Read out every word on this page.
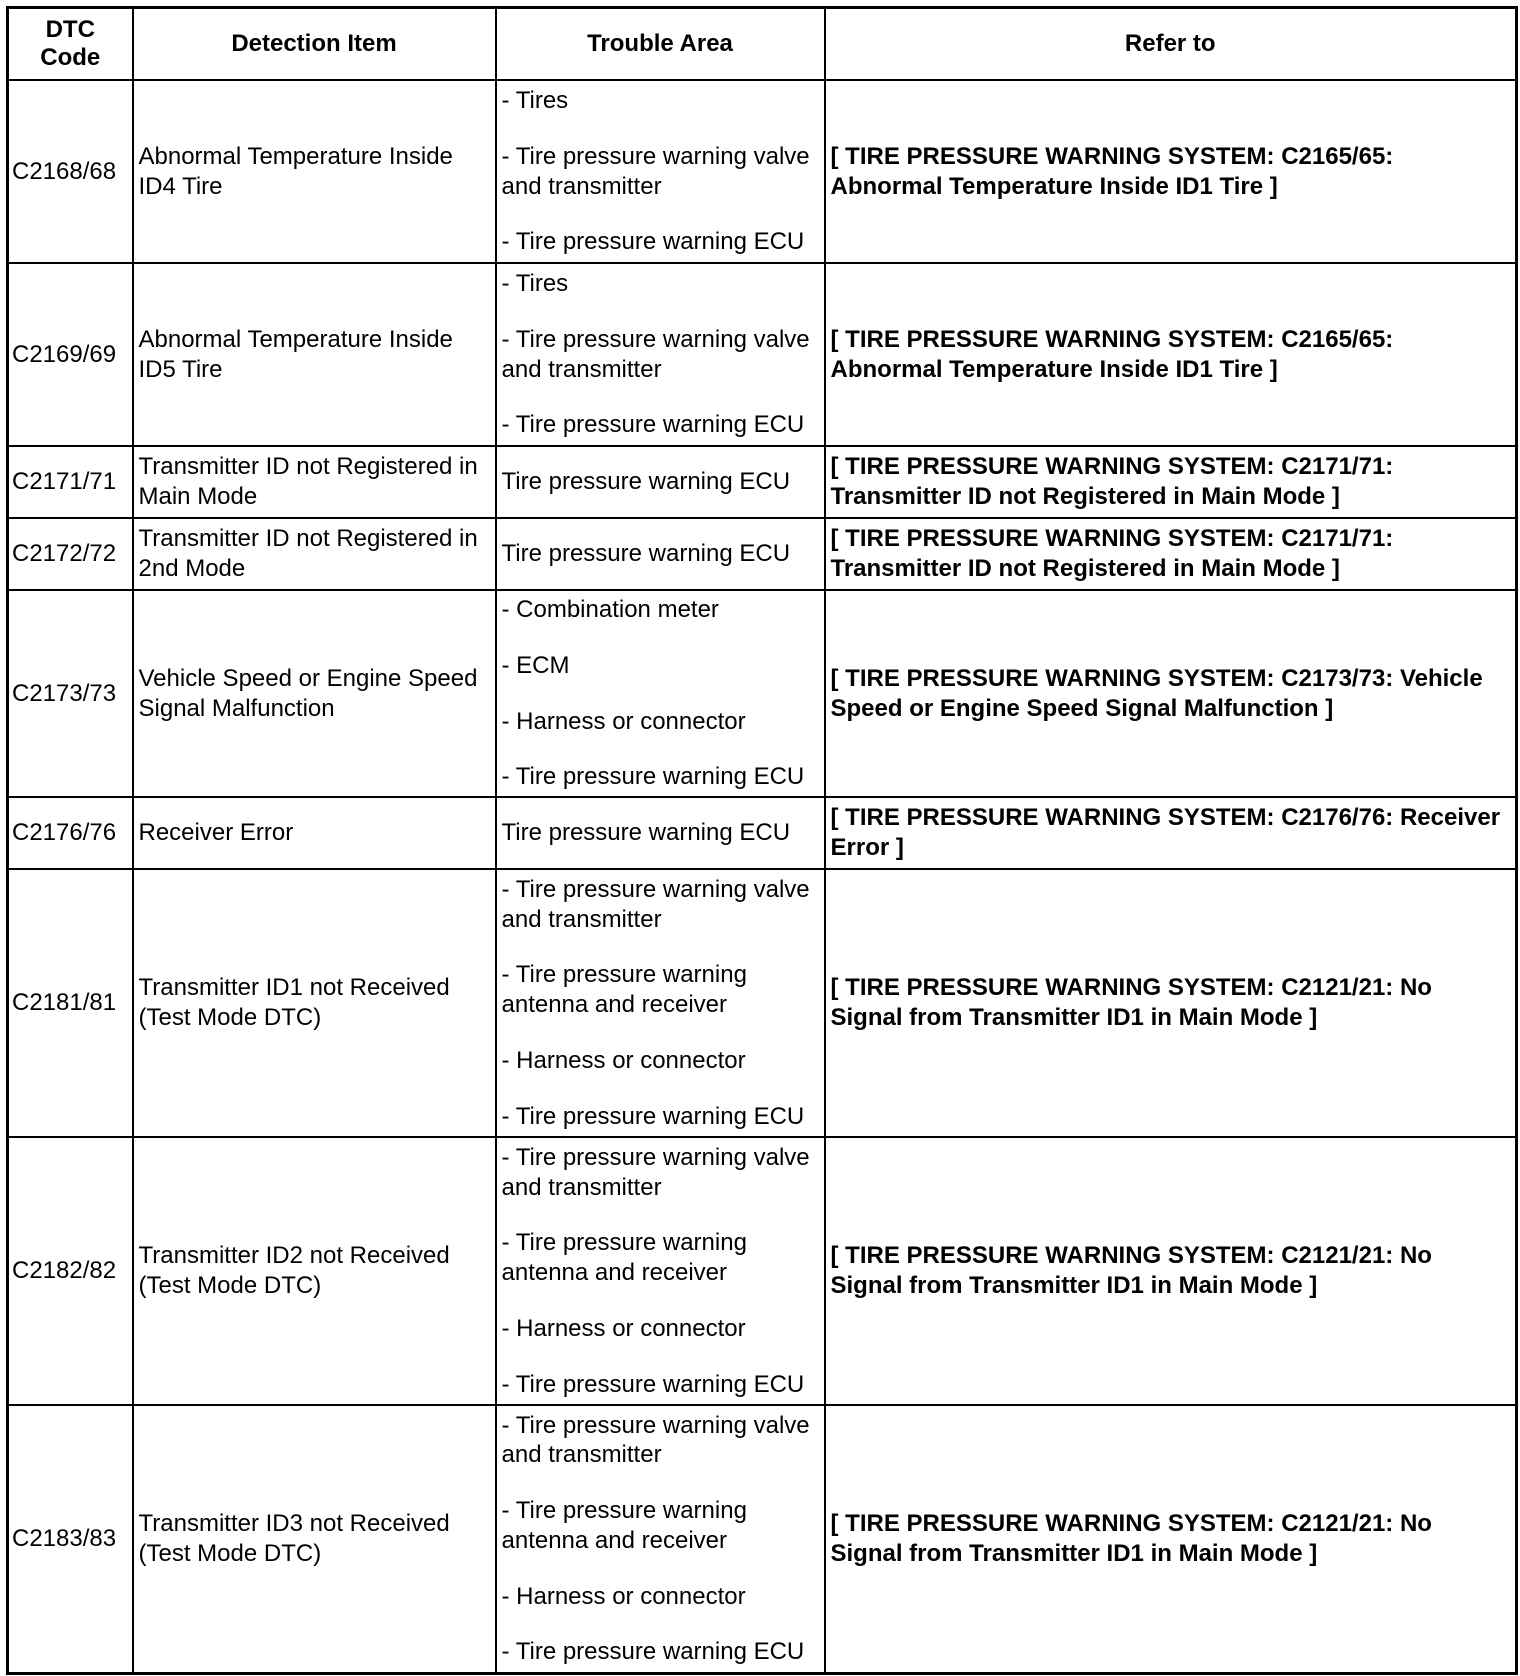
DTC Code	Detection Item	Trouble Area	Refer to
C2168/68	Abnormal Temperature Inside ID4 Tire	- Tires

- Tire pressure warning valve and transmitter

- Tire pressure warning ECU	[ TIRE PRESSURE WARNING SYSTEM: C2165/65: Abnormal Temperature Inside ID1 Tire ]
C2169/69	Abnormal Temperature Inside ID5 Tire	- Tires

- Tire pressure warning valve and transmitter

- Tire pressure warning ECU	[ TIRE PRESSURE WARNING SYSTEM: C2165/65: Abnormal Temperature Inside ID1 Tire ]
C2171/71	Transmitter ID not Registered in Main Mode	Tire pressure warning ECU	[ TIRE PRESSURE WARNING SYSTEM: C2171/71: Transmitter ID not Registered in Main Mode ]
C2172/72	Transmitter ID not Registered in 2nd Mode	Tire pressure warning ECU	[ TIRE PRESSURE WARNING SYSTEM: C2171/71: Transmitter ID not Registered in Main Mode ]
C2173/73	Vehicle Speed or Engine Speed Signal Malfunction	- Combination meter

- ECM

- Harness or connector

- Tire pressure warning ECU	[ TIRE PRESSURE WARNING SYSTEM: C2173/73: Vehicle Speed or Engine Speed Signal Malfunction ]
C2176/76	Receiver Error	Tire pressure warning ECU	[ TIRE PRESSURE WARNING SYSTEM: C2176/76: Receiver Error ]
C2181/81	Transmitter ID1 not Received (Test Mode DTC)	- Tire pressure warning valve and transmitter

- Tire pressure warning antenna and receiver

- Harness or connector

- Tire pressure warning ECU	[ TIRE PRESSURE WARNING SYSTEM: C2121/21: No Signal from Transmitter ID1 in Main Mode ]
C2182/82	Transmitter ID2 not Received (Test Mode DTC)	- Tire pressure warning valve and transmitter

- Tire pressure warning antenna and receiver

- Harness or connector

- Tire pressure warning ECU	[ TIRE PRESSURE WARNING SYSTEM: C2121/21: No Signal from Transmitter ID1 in Main Mode ]
C2183/83	Transmitter ID3 not Received (Test Mode DTC)	- Tire pressure warning valve and transmitter

- Tire pressure warning antenna and receiver

- Harness or connector

- Tire pressure warning ECU	[ TIRE PRESSURE WARNING SYSTEM: C2121/21: No Signal from Transmitter ID1 in Main Mode ]
